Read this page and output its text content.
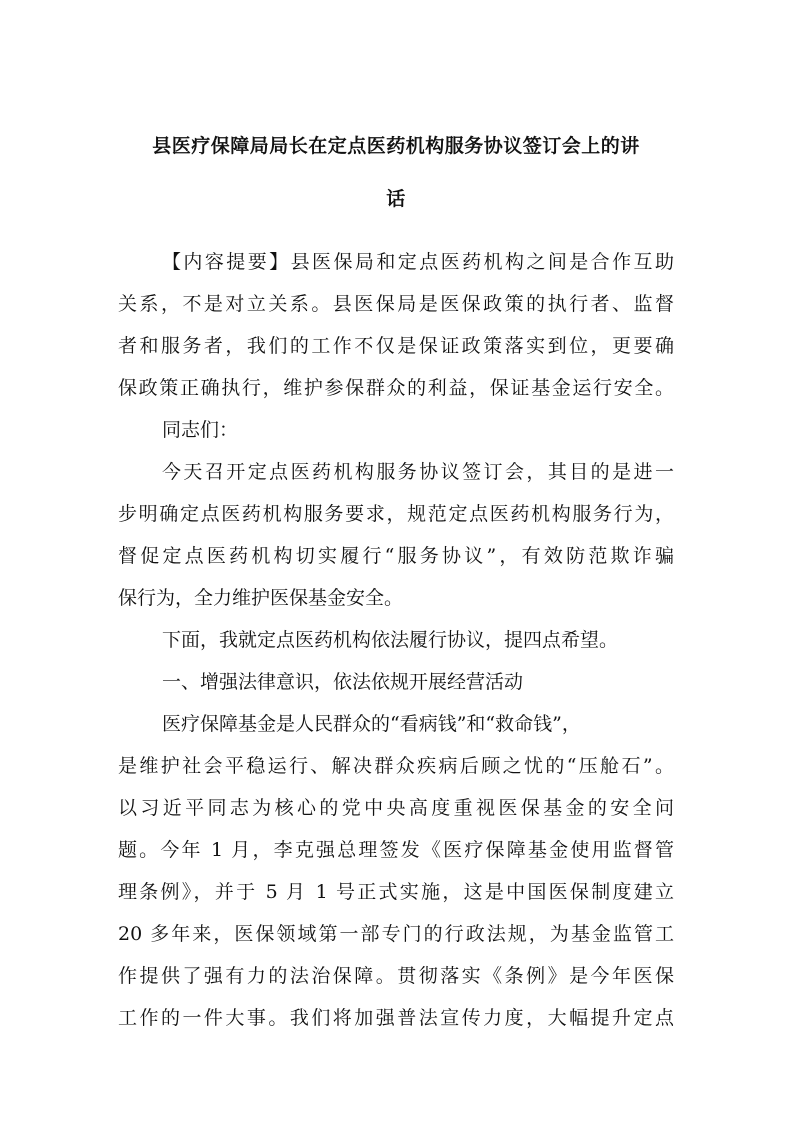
县医疗保障局局长在定点医药机构服务协议签订会上的讲
话
【内容提要】县医保局和定点医药机构之间是合作互助
关系，不是对立关系。县医保局是医保政策的执行者、监督
者和服务者，我们的工作不仅是保证政策落实到位，更要确
保政策正确执行，维护参保群众的利益，保证基金运行安全。
同志们：
今天召开定点医药机构服务协议签订会，其目的是进一
步明确定点医药机构服务要求，规范定点医药机构服务行为，
督促定点医药机构切实履行“服务协议”，有效防范欺诈骗
保行为，全力维护医保基金安全。
下面，我就定点医药机构依法履行协议，提四点希望。
一、增强法律意识，依法依规开展经营活动
医疗保障基金是人民群众的“看病钱”和“救命钱”，
是维护社会平稳运行、解决群众疾病后顾之忧的“压舱石”。
以习近平同志为核心的党中央高度重视医保基金的安全问
题。今年 1 月，李克强总理签发《医疗保障基金使用监督管
理条例》，并于 5 月 1 号正式实施，这是中国医保制度建立
20 多年来，医保领域第一部专门的行政法规，为基金监管工
作提供了强有力的法治保障。贯彻落实《条例》是今年医保
工作的一件大事。我们将加强普法宣传力度，大幅提升定点
